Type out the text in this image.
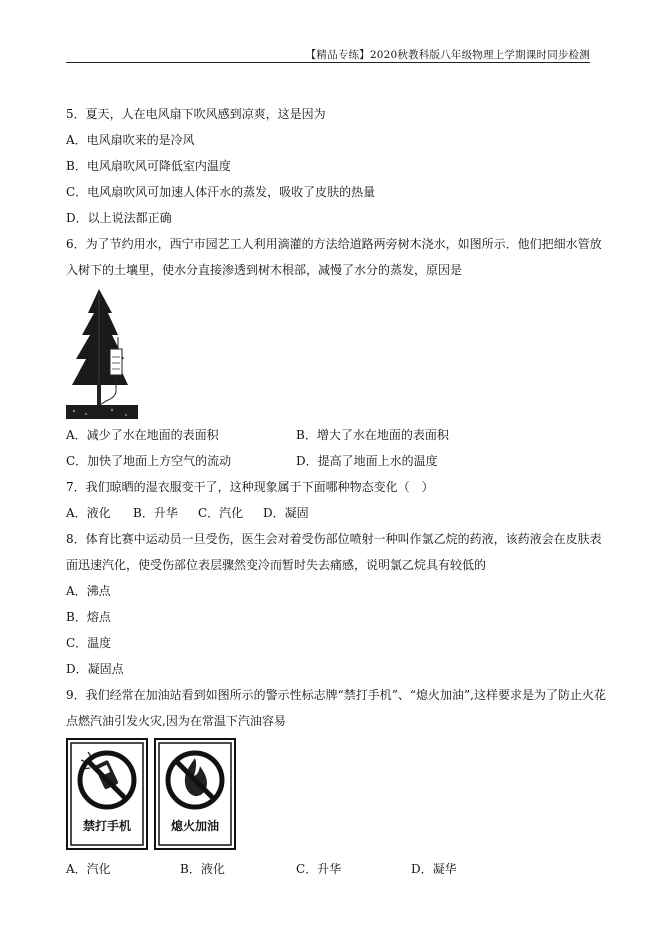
【精品专练】2020秋教科版八年级物理上学期课时同步检测
5．夏天，人在电风扇下吹风感到凉爽，这是因为
A．电风扇吹来的是冷风
B．电风扇吹风可降低室内温度
C．电风扇吹风可加速人体汗水的蒸发，吸收了皮肤的热量
D．以上说法都正确
6．为了节约用水，西宁市园艺工人利用滴灌的方法给道路两旁树木浇水，如图所示．他们把细水管放
入树下的土壤里，使水分直接渗透到树木根部，减慢了水分的蒸发，原因是
A．减少了水在地面的表面积	B．增大了水在地面的表面积
C．加快了地面上方空气的流动	D．提高了地面上水的温度
7．我们晾晒的湿衣服变干了，这种现象属于下面哪种物态变化（　）
A．液化 B．升华 C．汽化 D．凝固
8．体育比赛中运动员一旦受伤，医生会对着受伤部位喷射一种叫作氯乙烷的药液，该药液会在皮肤表
面迅速汽化，使受伤部位表层骤然变冷而暂时失去痛感，说明氯乙烷具有较低的
A．沸点
B．熔点
C．温度
D．凝固点
9．我们经常在加油站看到如图所示的警示性标志牌“禁打手机”、“熄火加油”,这样要求是为了防止火花
点燃汽油引发火灾,因为在常温下汽油容易
禁打手机	熄火加油
A．汽化	B．液化	C．升华	D．凝华
